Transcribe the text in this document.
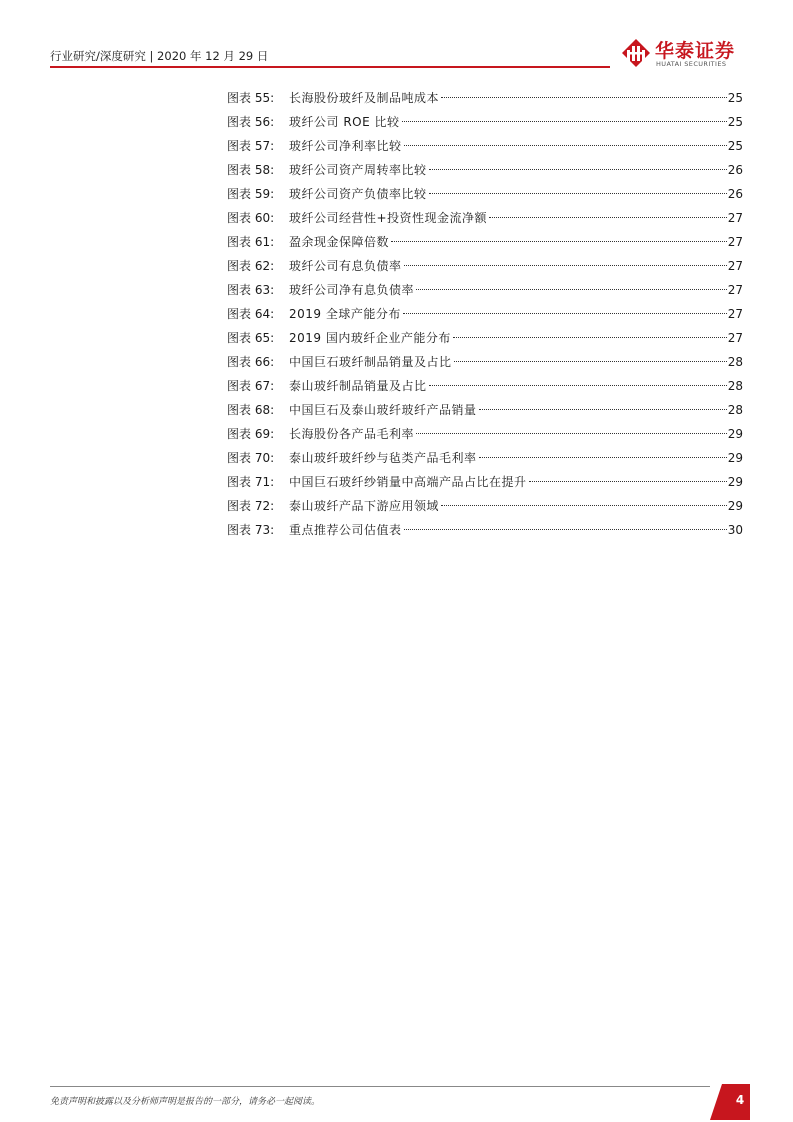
行业研究/深度研究 | 2020 年 12 月 29 日	华泰证券
HUATAI SECURITIES
图表 55:	长海股份玻纤及制品吨成本	25
图表 56:	玻纤公司 ROE 比较	25
图表 57:	玻纤公司净利率比较	25
图表 58:	玻纤公司资产周转率比较	26
图表 59:	玻纤公司资产负债率比较	26
图表 60:	玻纤公司经营性+投资性现金流净额	27
图表 61:	盈余现金保障倍数	27
图表 62:	玻纤公司有息负债率	27
图表 63:	玻纤公司净有息负债率	27
图表 64:	2019 全球产能分布	27
图表 65:	2019 国内玻纤企业产能分布	27
图表 66:	中国巨石玻纤制品销量及占比	28
图表 67:	泰山玻纤制品销量及占比	28
图表 68:	中国巨石及泰山玻纤玻纤产品销量	28
图表 69:	长海股份各产品毛利率	29
图表 70:	泰山玻纤玻纤纱与毡类产品毛利率	29
图表 71:	中国巨石玻纤纱销量中高端产品占比在提升	29
图表 72:	泰山玻纤产品下游应用领域	29
图表 73:	重点推荐公司估值表	30
免责声明和披露以及分析师声明是报告的一部分，请务必一起阅读。	4
